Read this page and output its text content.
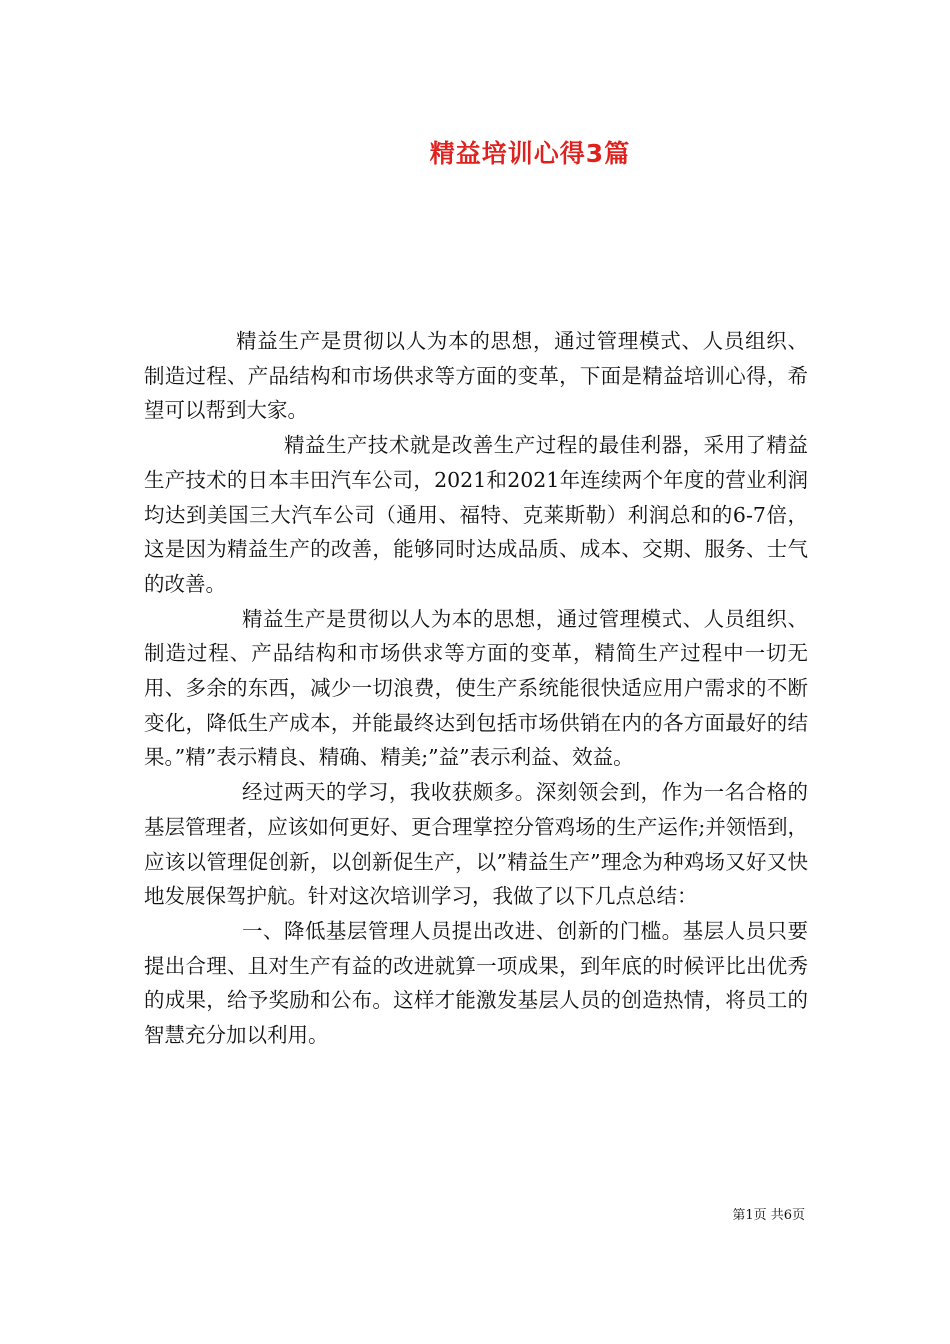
精益培训心得3篇

精益生产是贯彻以人为本的思想，通过管理模式、人员组织、制造过程、产品结构和市场供求等方面的变革，下面是精益培训心得，希望可以帮到大家。

精益生产技术就是改善生产过程的最佳利器，采用了精益生产技术的日本丰田汽车公司，2021和2021年连续两个年度的营业利润均达到美国三大汽车公司（通用、福特、克莱斯勒）利润总和的6-7倍，这是因为精益生产的改善，能够同时达成品质、成本、交期、服务、士气的改善。

精益生产是贯彻以人为本的思想，通过管理模式、人员组织、制造过程、产品结构和市场供求等方面的变革，精简生产过程中一切无用、多余的东西，减少一切浪费，使生产系统能很快适应用户需求的不断变化，降低生产成本，并能最终达到包括市场供销在内的各方面最好的结果。”精”表示精良、精确、精美;”益”表示利益、效益。

经过两天的学习，我收获颇多。深刻领会到，作为一名合格的基层管理者，应该如何更好、更合理掌控分管鸡场的生产运作;并领悟到，应该以管理促创新，以创新促生产，以”精益生产”理念为种鸡场又好又快地发展保驾护航。针对这次培训学习，我做了以下几点总结：

一、降低基层管理人员提出改进、创新的门槛。基层人员只要提出合理、且对生产有益的改进就算一项成果，到年底的时候评比出优秀的成果，给予奖励和公布。这样才能激发基层人员的创造热情，将员工的智慧充分加以利用。

第1页 共6页
